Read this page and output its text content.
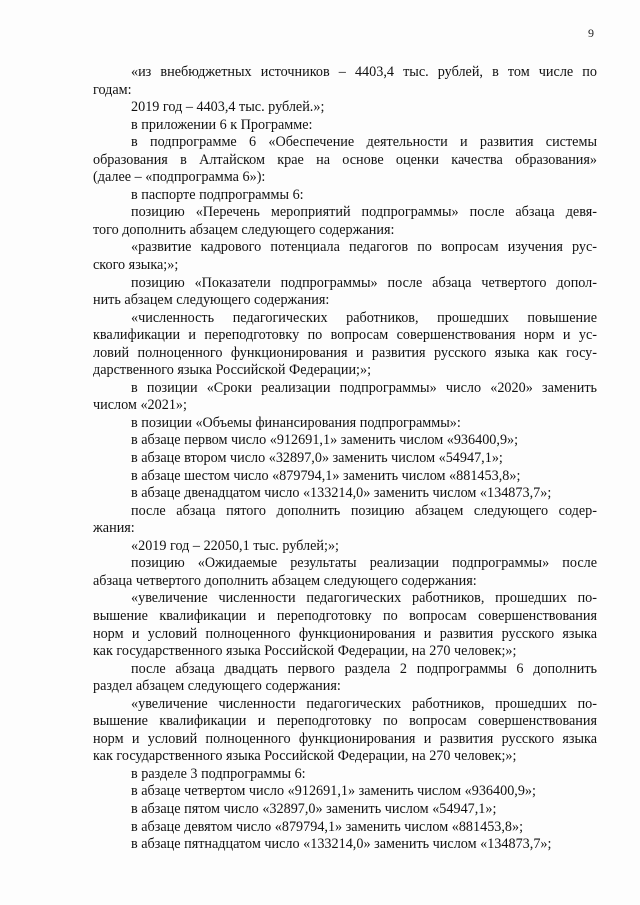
9
«из внебюджетных источников – 4403,4 тыс. рублей, в том числе по
годам:
2019 год – 4403,4 тыс. рублей.»;
в приложении 6 к Программе:
в подпрограмме 6 «Обеспечение деятельности и развития системы
образования в Алтайском крае на основе оценки качества образования»
(далее – «подпрограмма 6»):
в паспорте подпрограммы 6:
позицию «Перечень мероприятий подпрограммы» после абзаца девя-
того дополнить абзацем следующего содержания:
«развитие кадрового потенциала педагогов по вопросам изучения рус-
ского языка;»;
позицию «Показатели подпрограммы» после абзаца четвертого допол-
нить абзацем следующего содержания:
«численность педагогических работников, прошедших повышение
квалификации и переподготовку по вопросам совершенствования норм и ус-
ловий полноценного функционирования и развития русского языка как госу-
дарственного языка Российской Федерации;»;
в позиции «Сроки реализации подпрограммы» число «2020» заменить
числом «2021»;
в позиции «Объемы финансирования подпрограммы»:
в абзаце первом число «912691,1» заменить числом «936400,9»;
в абзаце втором число «32897,0» заменить числом «54947,1»;
в абзаце шестом число «879794,1» заменить числом «881453,8»;
в абзаце двенадцатом число «133214,0» заменить числом «134873,7»;
после абзаца пятого дополнить позицию абзацем следующего содер-
жания:
«2019 год – 22050,1 тыс. рублей;»;
позицию «Ожидаемые результаты реализации подпрограммы» после
абзаца четвертого дополнить абзацем следующего содержания:
«увеличение численности педагогических работников, прошедших по-
вышение квалификации и переподготовку по вопросам совершенствования
норм и условий полноценного функционирования и развития русского языка
как государственного языка Российской Федерации, на 270 человек;»;
после абзаца двадцать первого раздела 2 подпрограммы 6 дополнить
раздел абзацем следующего содержания:
«увеличение численности педагогических работников, прошедших по-
вышение квалификации и переподготовку по вопросам совершенствования
норм и условий полноценного функционирования и развития русского языка
как государственного языка Российской Федерации, на 270 человек;»;
в разделе 3 подпрограммы 6:
в абзаце четвертом число «912691,1» заменить числом «936400,9»;
в абзаце пятом число «32897,0» заменить числом «54947,1»;
в абзаце девятом число «879794,1» заменить числом «881453,8»;
в абзаце пятнадцатом число «133214,0» заменить числом «134873,7»;
